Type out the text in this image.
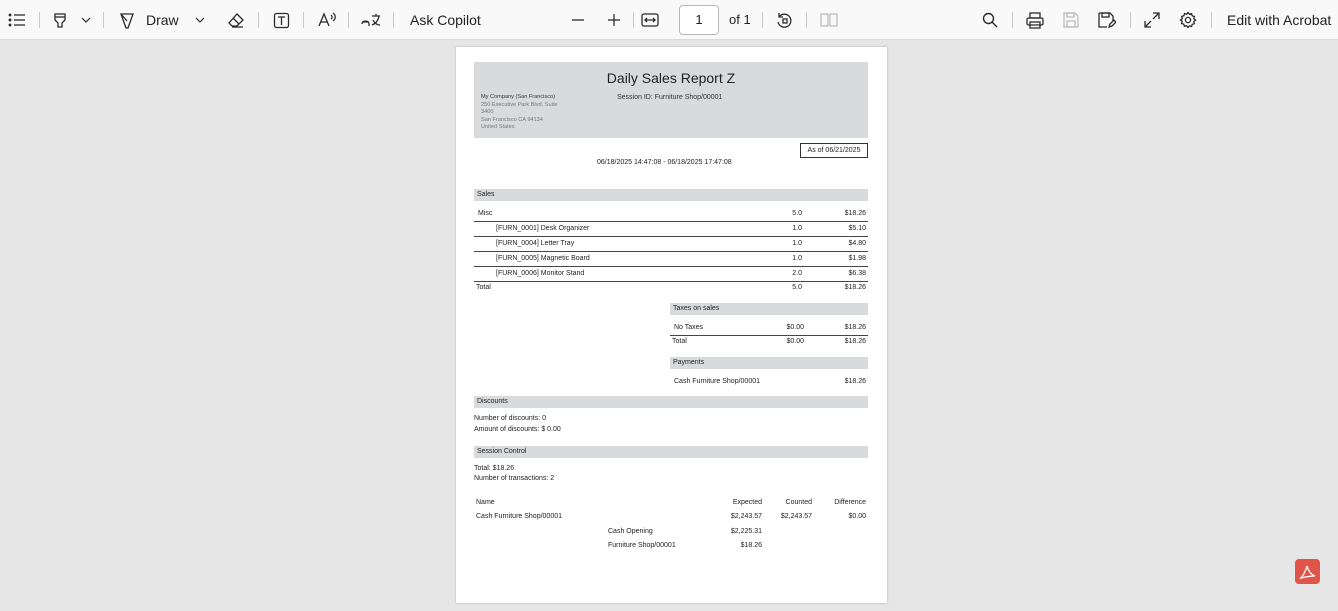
Draw	Ask Copilot	1	of 1	Edit with Acrobat
Daily Sales Report Z
Session ID: Furniture Shop/00001
My Company (San Francisco)
250 Executive Park Blvd, Suite
3400
San Francisco CA 94134
United States
As of 06/21/2025
06/18/2025 14:47:08 - 06/18/2025 17:47:08
Sales
Misc	5.0	$18.26
[FURN_0001] Desk Organizer	1.0	$5.10
[FURN_0004] Letter Tray	1.0	$4.80
[FURN_0005] Magnetic Board	1.0	$1.98
[FURN_0006] Monitor Stand	2.0	$6.38
Total	5.0	$18.26
Taxes on sales
No Taxes	$0.00	$18.26
Total	$0.00	$18.26
Payments
Cash Furniture Shop/00001	$18.26
Discounts
Number of discounts: 0
Amount of discounts: $ 0.00
Session Control
Total: $18.26
Number of transactions: 2
Name	Expected	Counted	Difference
Cash Furniture Shop/00001	$2,243.57	$2,243.57	$0.00
Cash Opening	$2,225.31
Furniture Shop/00001	$18.26
